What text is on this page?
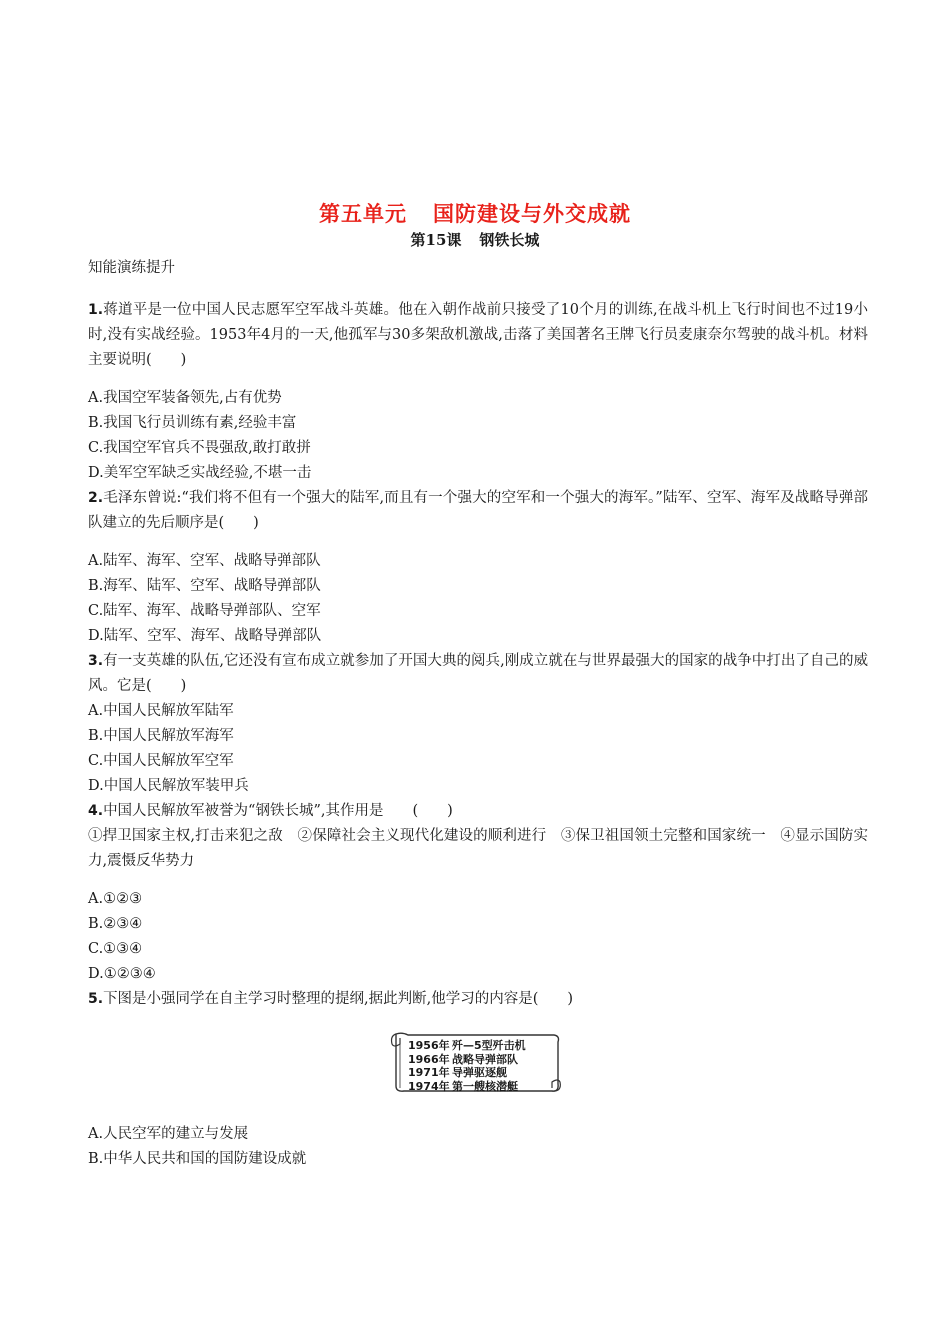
第五单元 国防建设与外交成就
第15课 钢铁长城
知能演练提升

1.蒋道平是一位中国人民志愿军空军战斗英雄。他在入朝作战前只接受了10个月的训练,在战斗机上飞行时间也不过19小时,没有实战经验。1953年4月的一天,他孤军与30多架敌机激战,击落了美国著名王牌飞行员麦康奈尔驾驶的战斗机。材料主要说明(　　)

A.我国空军装备领先,占有优势

B.我国飞行员训练有素,经验丰富

C.我国空军官兵不畏强敌,敢打敢拼

D.美军空军缺乏实战经验,不堪一击

2.毛泽东曾说:“我们将不但有一个强大的陆军,而且有一个强大的空军和一个强大的海军。”陆军、空军、海军及战略导弹部队建立的先后顺序是(　　)

A.陆军、海军、空军、战略导弹部队

B.海军、陆军、空军、战略导弹部队

C.陆军、海军、战略导弹部队、空军

D.陆军、空军、海军、战略导弹部队

3.有一支英雄的队伍,它还没有宣布成立就参加了开国大典的阅兵,刚成立就在与世界最强大的国家的战争中打出了自己的威风。它是(　　)

A.中国人民解放军陆军

B.中国人民解放军海军

C.中国人民解放军空军

D.中国人民解放军装甲兵

4.中国人民解放军被誉为“钢铁长城”,其作用是　　(　　)

①捍卫国家主权,打击来犯之敌　②保障社会主义现代化建设的顺利进行　③保卫祖国领土完整和国家统一　④显示国防实力,震慑反华势力

A.①②③

B.②③④

C.①③④

D.①②③④

5.下图是小强同学在自主学习时整理的提纲,据此判断,他学习的内容是(　　)

1956年 歼—5型歼击机
1966年 战略导弹部队
1971年 导弹驱逐舰
1974年 第一艘核潜艇

A.人民空军的建立与发展

B.中华人民共和国的国防建设成就
